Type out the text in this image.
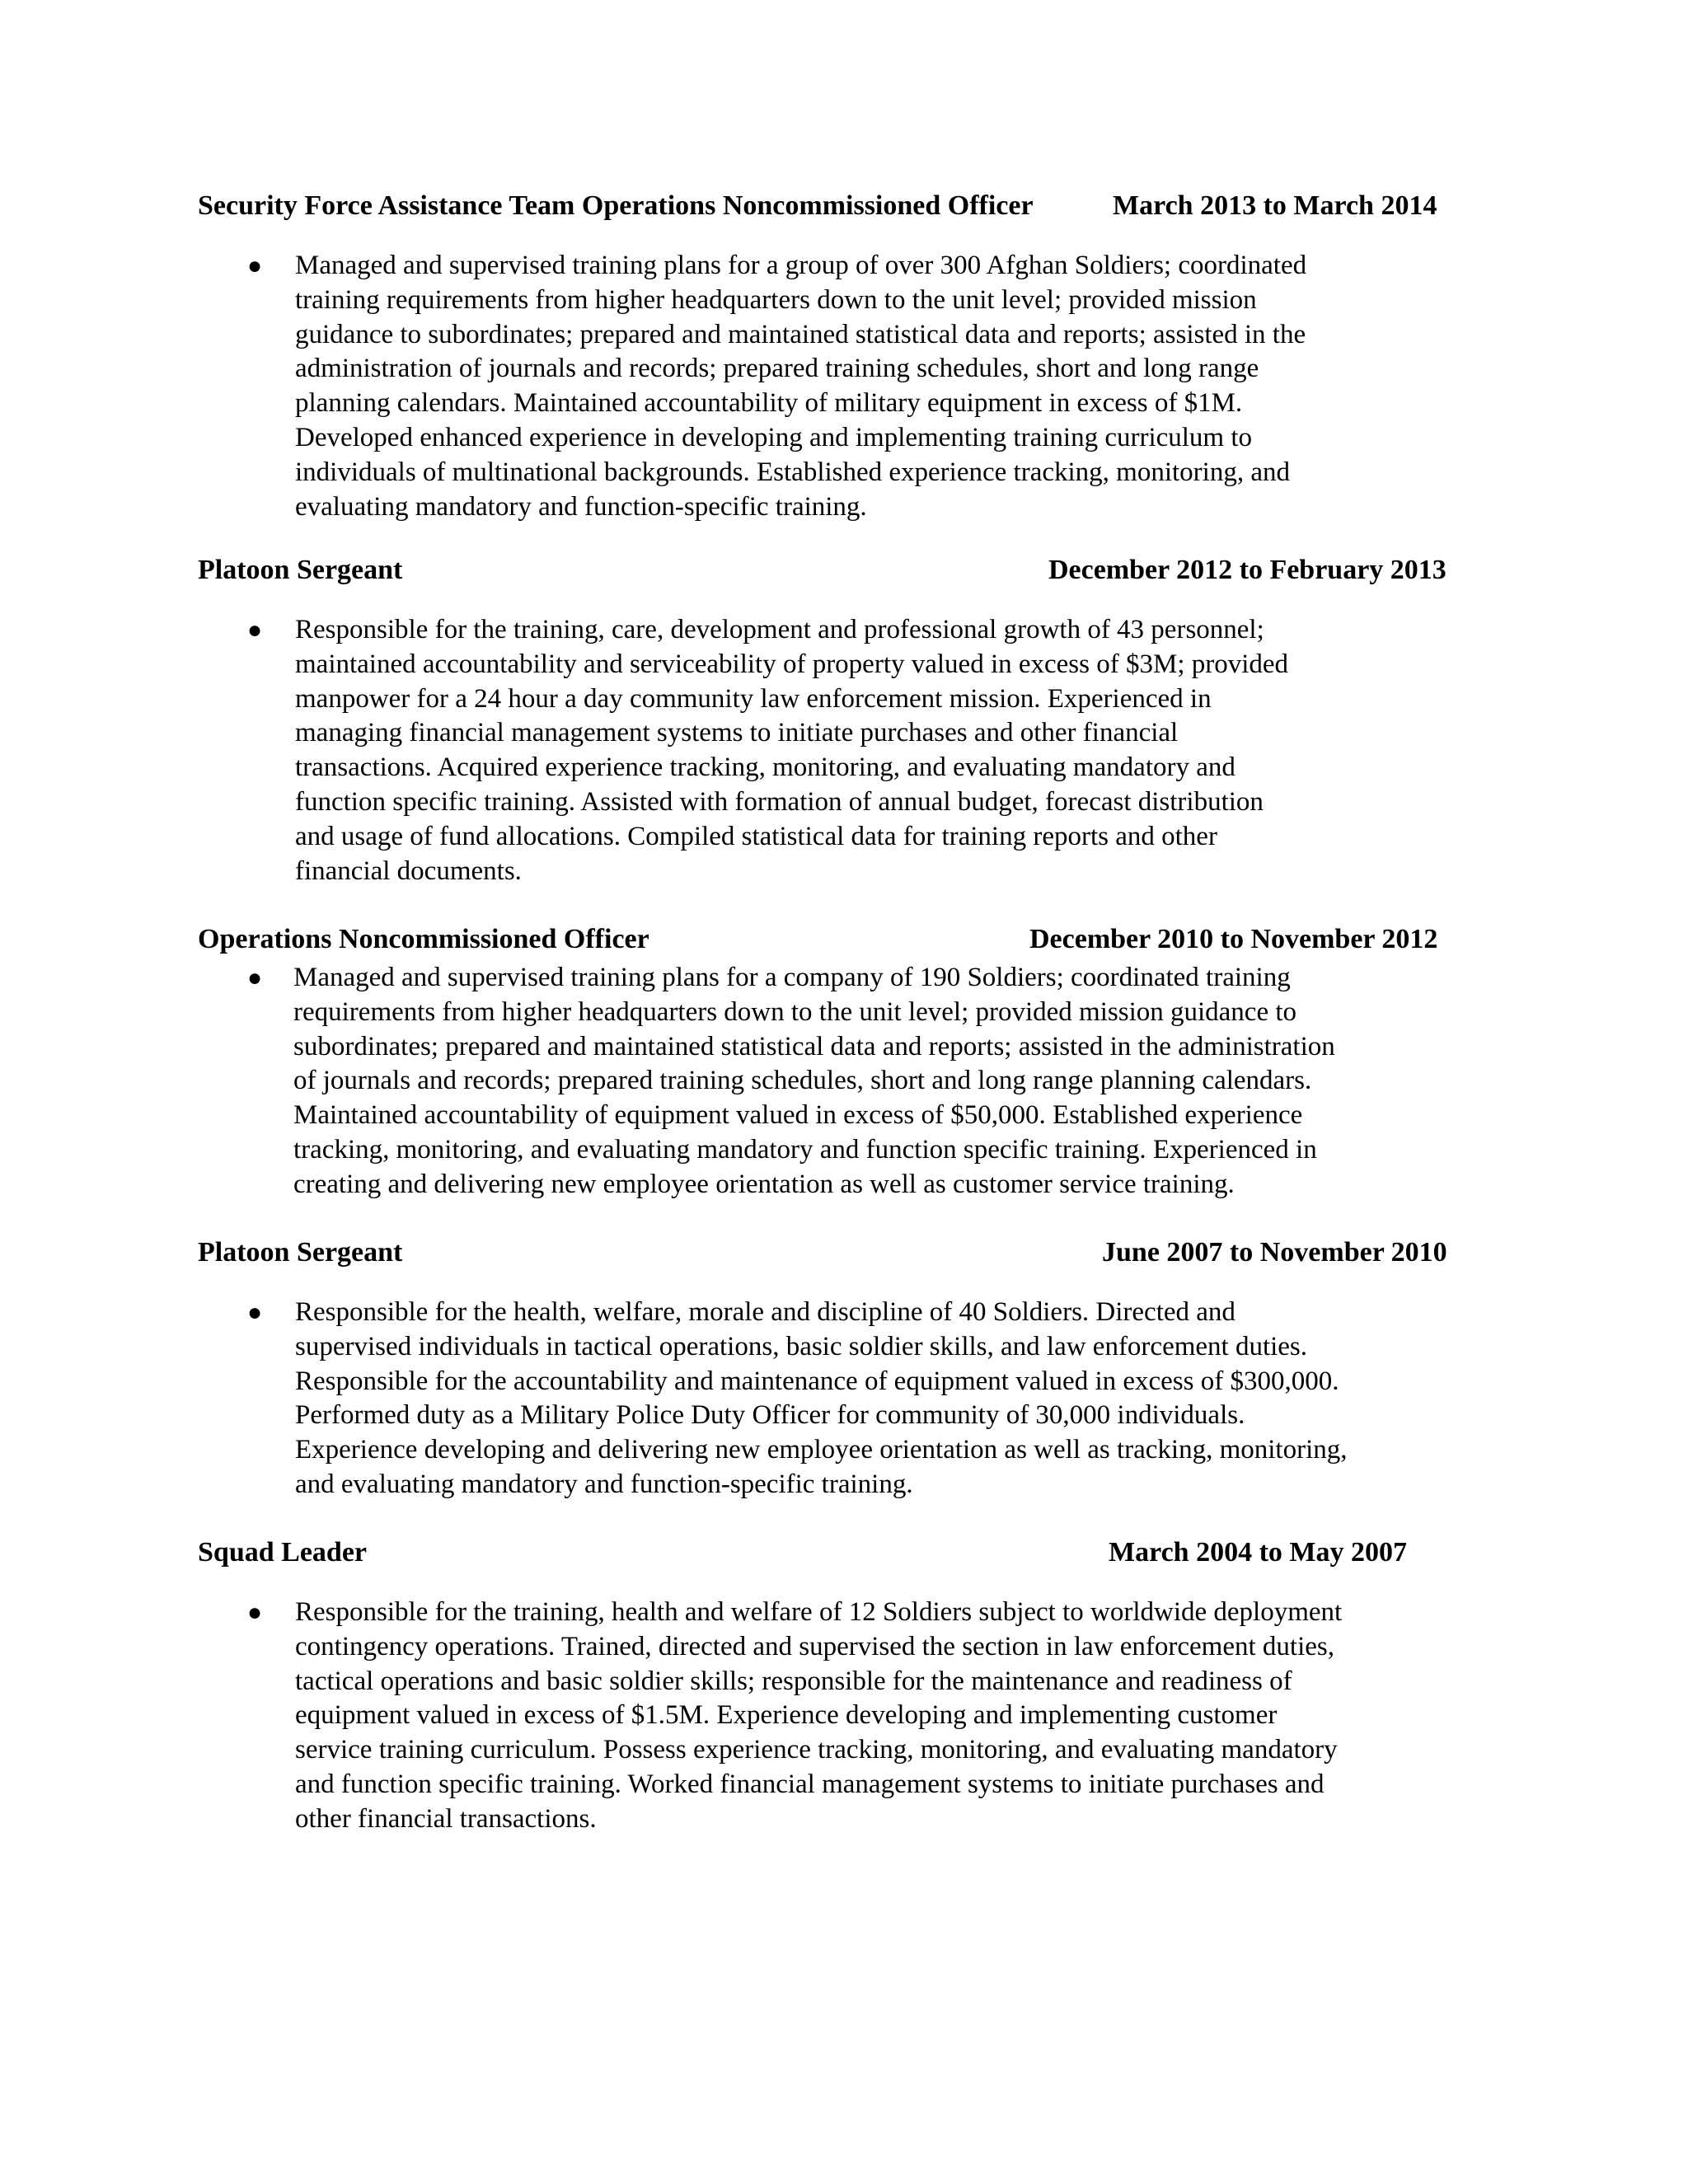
Security Force Assistance Team Operations Noncommissioned Officer	March 2013 to March 2014
● Managed and supervised training plans for a group of over 300 Afghan Soldiers; coordinated
training requirements from higher headquarters down to the unit level; provided mission
guidance to subordinates; prepared and maintained statistical data and reports; assisted in the
administration of journals and records; prepared training schedules, short and long range
planning calendars. Maintained accountability of military equipment in excess of $1M.
Developed enhanced experience in developing and implementing training curriculum to
individuals of multinational backgrounds. Established experience tracking, monitoring, and
evaluating mandatory and function-specific training.
Platoon Sergeant	December 2012 to February 2013
● Responsible for the training, care, development and professional growth of 43 personnel;
maintained accountability and serviceability of property valued in excess of $3M; provided
manpower for a 24 hour a day community law enforcement mission. Experienced in
managing financial management systems to initiate purchases and other financial
transactions. Acquired experience tracking, monitoring, and evaluating mandatory and
function specific training. Assisted with formation of annual budget, forecast distribution
and usage of fund allocations. Compiled statistical data for training reports and other
financial documents.
Operations Noncommissioned Officer	December 2010 to November 2012
● Managed and supervised training plans for a company of 190 Soldiers; coordinated training
requirements from higher headquarters down to the unit level; provided mission guidance to
subordinates; prepared and maintained statistical data and reports; assisted in the administration
of journals and records; prepared training schedules, short and long range planning calendars.
Maintained accountability of equipment valued in excess of $50,000. Established experience
tracking, monitoring, and evaluating mandatory and function specific training. Experienced in
creating and delivering new employee orientation as well as customer service training.
Platoon Sergeant	June 2007 to November 2010
● Responsible for the health, welfare, morale and discipline of 40 Soldiers. Directed and
supervised individuals in tactical operations, basic soldier skills, and law enforcement duties.
Responsible for the accountability and maintenance of equipment valued in excess of $300,000.
Performed duty as a Military Police Duty Officer for community of 30,000 individuals.
Experience developing and delivering new employee orientation as well as tracking, monitoring,
and evaluating mandatory and function-specific training.
Squad Leader	March 2004 to May 2007
● Responsible for the training, health and welfare of 12 Soldiers subject to worldwide deployment
contingency operations. Trained, directed and supervised the section in law enforcement duties,
tactical operations and basic soldier skills; responsible for the maintenance and readiness of
equipment valued in excess of $1.5M. Experience developing and implementing customer
service training curriculum. Possess experience tracking, monitoring, and evaluating mandatory
and function specific training. Worked financial management systems to initiate purchases and
other financial transactions.
